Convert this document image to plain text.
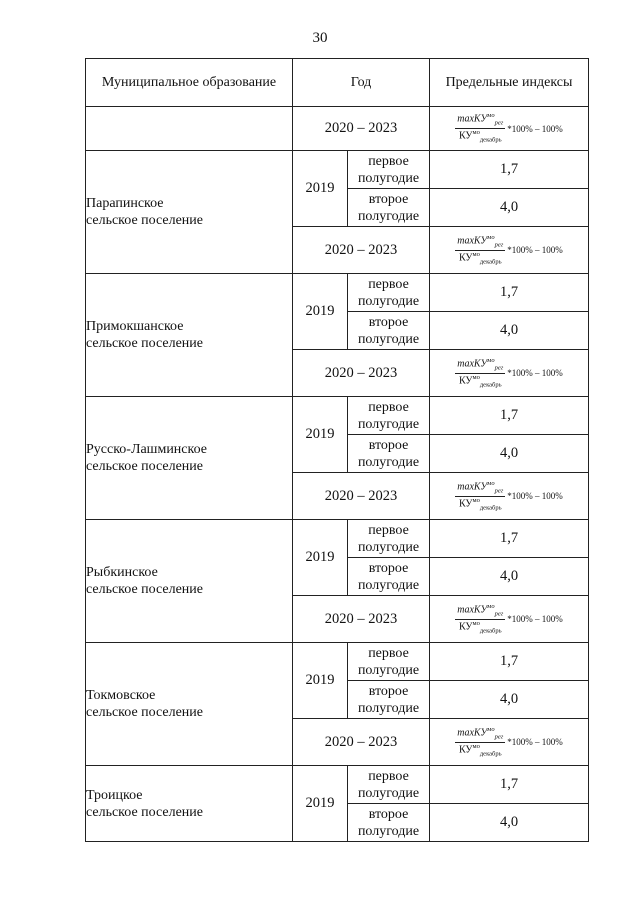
30
Муниципальное образование	Год		Предельные индексы
	2020 – 2023		$\frac{\max КУ^{мо}_{рег}}{КУ^{мо}_{декабрь}} *100\% - 100\%$

Парапинское
сельское поселение	2019	первое полугодие	1,7
		второе полугодие	4,0
	2020 – 2023		$\frac{\max КУ^{мо}_{рег}}{КУ^{мо}_{декабрь}} *100\% - 100\%$

Примокшанское
сельское поселение	2019	первое полугодие	1,7
		второе полугодие	4,0
	2020 – 2023		$\frac{\max КУ^{мо}_{рег}}{КУ^{мо}_{декабрь}} *100\% - 100\%$

Русско-Лашминское
сельское поселение	2019	первое полугодие	1,7
		второе полугодие	4,0
	2020 – 2023		$\frac{\max КУ^{мо}_{рег}}{КУ^{мо}_{декабрь}} *100\% - 100\%$

Рыбкинское
сельское поселение	2019	первое полугодие	1,7
		второе полугодие	4,0
	2020 – 2023		$\frac{\max КУ^{мо}_{рег}}{КУ^{мо}_{декабрь}} *100\% - 100\%$

Токмовское
сельское поселение	2019	первое полугодие	1,7
		второе полугодие	4,0
	2020 – 2023		$\frac{\max КУ^{мо}_{рег}}{КУ^{мо}_{декабрь}} *100\% - 100\%$

Троицкое
сельское поселение	2019	первое полугодие	1,7
		второе полугодие	4,0
